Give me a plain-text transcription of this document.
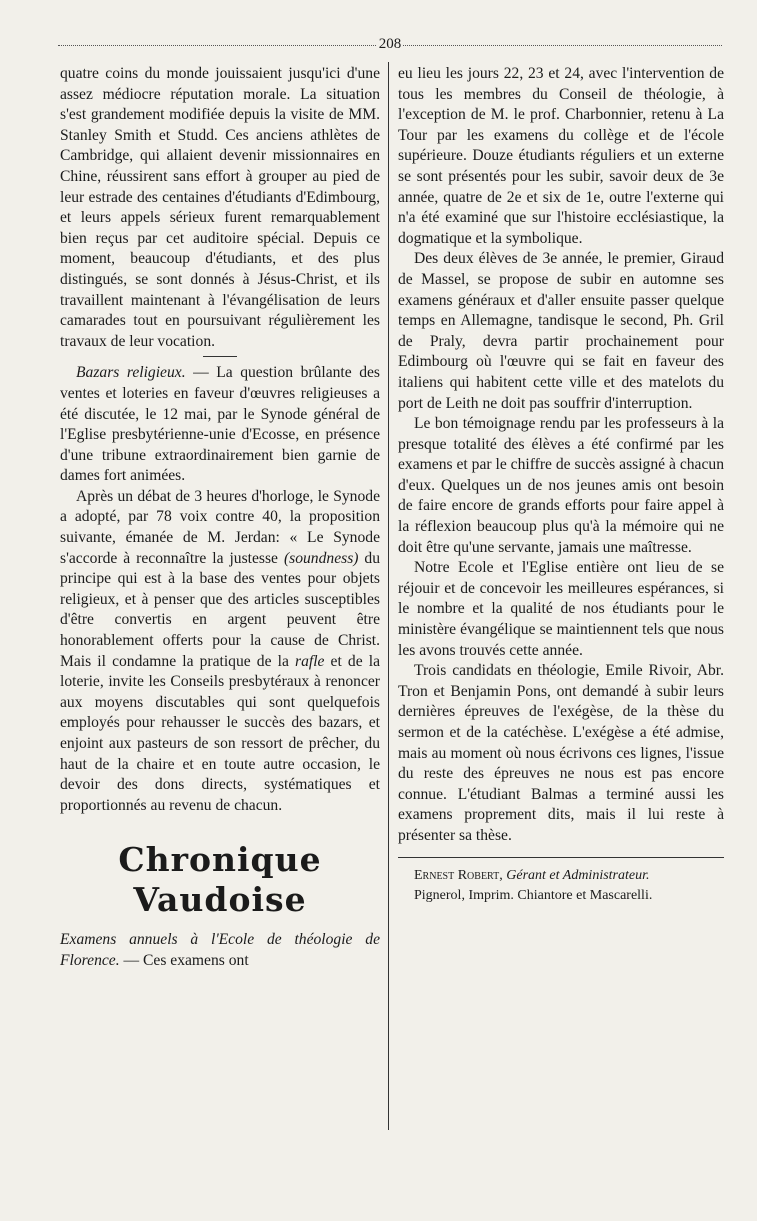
208

quatre coins du monde jouissaient jusqu'ici d'une assez médiocre réputation morale. La situation s'est grandement modifiée depuis la visite de MM. Stanley Smith et Studd. Ces anciens athlètes de Cambridge, qui allaient devenir missionnaires en Chine, réussirent sans effort à grouper au pied de leur estrade des centaines d'étudiants d'Edimbourg, et leurs appels sérieux furent remarquablement bien reçus par cet auditoire spécial. Depuis ce moment, beaucoup d'étudiants, et des plus distingués, se sont donnés à Jésus-Christ, et ils travaillent maintenant à l'évangélisation de leurs camarades tout en poursuivant régulièrement les travaux de leur vocation.

Bazars religieux. — La question brûlante des ventes et loteries en faveur d'œuvres religieuses a été discutée, le 12 mai, par le Synode général de l'Eglise presbytérienne-unie d'Ecosse, en présence d'une tribune extraordinairement bien garnie de dames fort animées.

Après un débat de 3 heures d'horloge, le Synode a adopté, par 78 voix contre 40, la proposition suivante, émanée de M. Jerdan: « Le Synode s'accorde à reconnaître la justesse (soundness) du principe qui est à la base des ventes pour objets religieux, et à penser que des articles susceptibles d'être convertis en argent peuvent être honorablement offerts pour la cause de Christ. Mais il condamne la pratique de la rafle et de la loterie, invite les Conseils presbytéraux à renoncer aux moyens discutables qui sont quelquefois employés pour rehausser le succès des bazars, et enjoint aux pasteurs de son ressort de prêcher, du haut de la chaire et en toute autre occasion, le devoir des dons directs, systématiques et proportionnés au revenu de chacun.

Chronique Vaudoise

Examens annuels à l'Ecole de théologie de Florence. — Ces examens ont

eu lieu les jours 22, 23 et 24, avec l'intervention de tous les membres du Conseil de théologie, à l'exception de M. le prof. Charbonnier, retenu à La Tour par les examens du collège et de l'école supérieure. Douze étudiants réguliers et un externe se sont présentés pour les subir, savoir deux de 3e année, quatre de 2e et six de 1e, outre l'externe qui n'a été examiné que sur l'histoire ecclésiastique, la dogmatique et la symbolique.

Des deux élèves de 3e année, le premier, Giraud de Massel, se propose de subir en automne ses examens généraux et d'aller ensuite passer quelque temps en Allemagne, tandisque le second, Ph. Gril de Praly, devra partir prochainement pour Edimbourg où l'œuvre qui se fait en faveur des italiens qui habitent cette ville et des matelots du port de Leith ne doit pas souffrir d'interruption.

Le bon témoignage rendu par les professeurs à la presque totalité des élèves a été confirmé par les examens et par le chiffre de succès assigné à chacun d'eux. Quelques un de nos jeunes amis ont besoin de faire encore de grands efforts pour faire appel à la réflexion beaucoup plus qu'à la mémoire qui ne doit être qu'une servante, jamais une maîtresse.

Notre Ecole et l'Eglise entière ont lieu de se réjouir et de concevoir les meilleures espérances, si le nombre et la qualité de nos étudiants pour le ministère évangélique se maintiennent tels que nous les avons trouvés cette année.

Trois candidats en théologie, Emile Rivoir, Abr. Tron et Benjamin Pons, ont demandé à subir leurs dernières épreuves de l'exégèse, de la thèse du sermon et de la catéchèse. L'exégèse a été admise, mais au moment où nous écrivons ces lignes, l'issue du reste des épreuves ne nous est pas encore connue. L'étudiant Balmas a terminé aussi les examens proprement dits, mais il lui reste à présenter sa thèse.

Ernest Robert, Gérant et Administrateur.

Pignerol, Imprim. Chiantore et Mascarelli.
